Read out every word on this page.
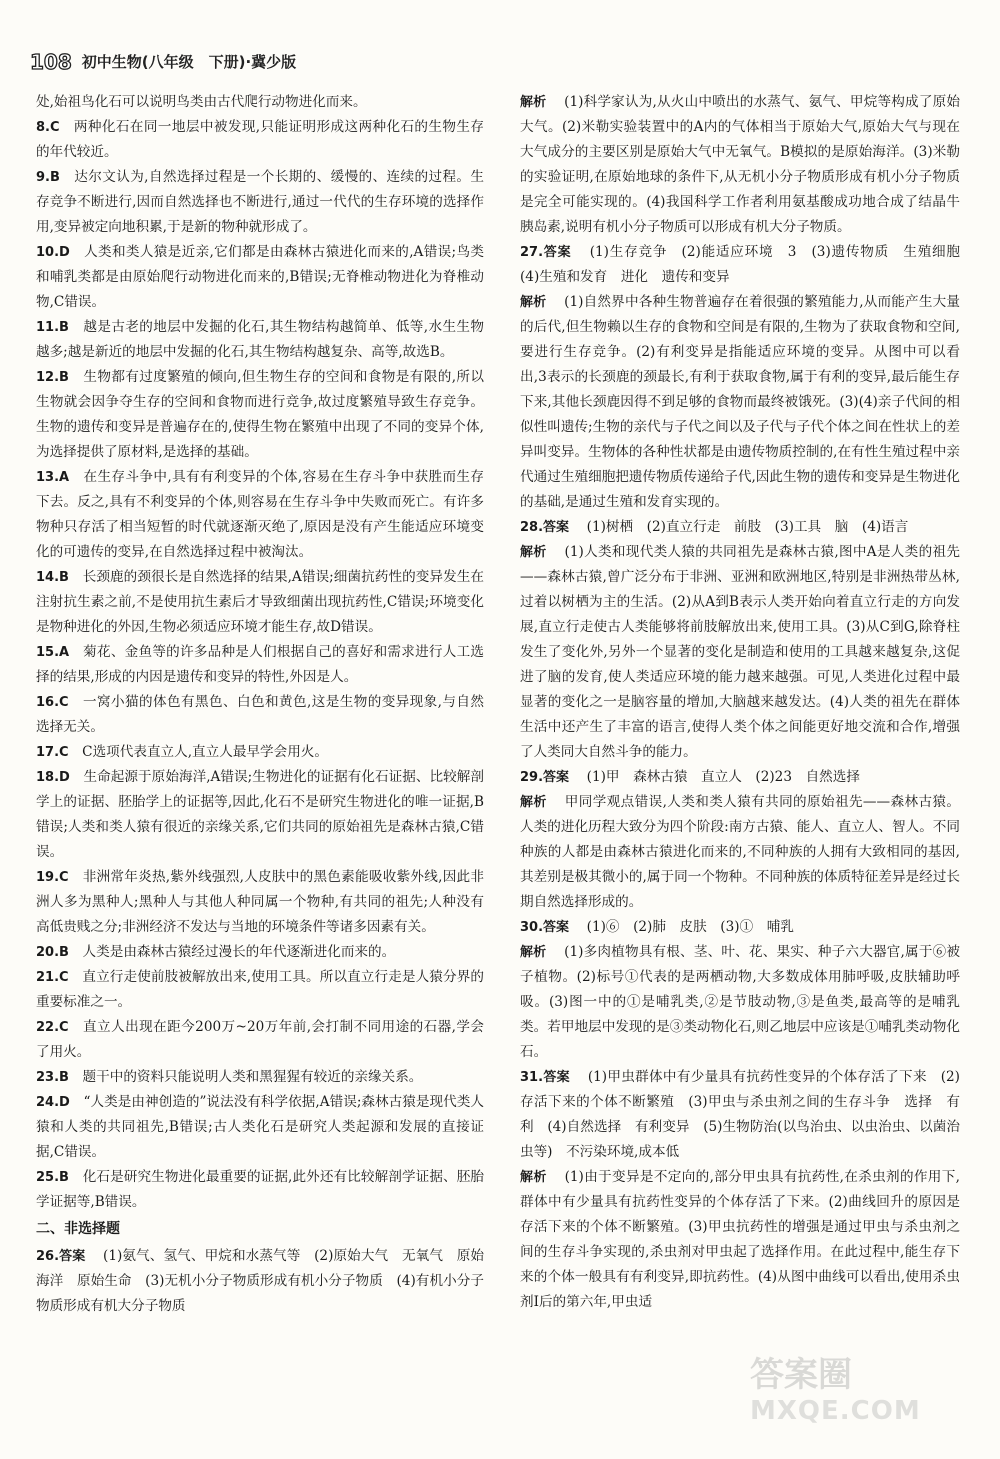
108 初中生物(八年级　下册)·冀少版
处,始祖鸟化石可以说明鸟类由古代爬行动物进化而来。
8.C　 两种化石在同一地层中被发现,只能证明形成这两种化石的生物生存的年代较近。
9.B　 达尔文认为,自然选择过程是一个长期的、缓慢的、连续的过程。生存竞争不断进行,因而自然选择也不断进行,通过一代代的生存环境的选择作用,变异被定向地积累,于是新的物种就形成了。
10.D　 人类和类人猿是近亲,它们都是由森林古猿进化而来的,A错误;鸟类和哺乳类都是由原始爬行动物进化而来的,B错误;无脊椎动物进化为脊椎动物,C错误。
11.B　 越是古老的地层中发掘的化石,其生物结构越简单、低等,水生生物越多;越是新近的地层中发掘的化石,其生物结构越复杂、高等,故选B。
12.B　 生物都有过度繁殖的倾向,但生物生存的空间和食物是有限的,所以生物就会因争夺生存的空间和食物而进行竞争,故过度繁殖导致生存竞争。生物的遗传和变异是普遍存在的,使得生物在繁殖中出现了不同的变异个体,为选择提供了原材料,是选择的基础。
13.A　 在生存斗争中,具有有利变异的个体,容易在生存斗争中获胜而生存下去。反之,具有不利变异的个体,则容易在生存斗争中失败而死亡。有许多物种只存活了相当短暂的时代就逐渐灭绝了,原因是没有产生能适应环境变化的可遗传的变异,在自然选择过程中被淘汰。
14.B　 长颈鹿的颈很长是自然选择的结果,A错误;细菌抗药性的变异发生在注射抗生素之前,不是使用抗生素后才导致细菌出现抗药性,C错误;环境变化是物种进化的外因,生物必须适应环境才能生存,故D错误。
15.A　 菊花、金鱼等的许多品种是人们根据自己的喜好和需求进行人工选择的结果,形成的内因是遗传和变异的特性,外因是人。
16.C　 一窝小猫的体色有黑色、白色和黄色,这是生物的变异现象,与自然选择无关。
17.C　 C选项代表直立人,直立人最早学会用火。
18.D　 生命起源于原始海洋,A错误;生物进化的证据有化石证据、比较解剖学上的证据、胚胎学上的证据等,因此,化石不是研究生物进化的唯一证据,B错误;人类和类人猿有很近的亲缘关系,它们共同的原始祖先是森林古猿,C错误。
19.C　 非洲常年炎热,紫外线强烈,人皮肤中的黑色素能吸收紫外线,因此非洲人多为黑种人;黑种人与其他人种同属一个物种,有共同的祖先;人种没有高低贵贱之分;非洲经济不发达与当地的环境条件等诸多因素有关。
20.B　 人类是由森林古猿经过漫长的年代逐渐进化而来的。
21.C　 直立行走使前肢被解放出来,使用工具。所以直立行走是人猿分界的重要标准之一。
22.C　 直立人出现在距今200万~20万年前,会打制不同用途的石器,学会了用火。
23.B　 题干中的资料只能说明人类和黑猩猩有较近的亲缘关系。
24.D　 “人类是由神创造的”说法没有科学依据,A错误;森林古猿是现代类人猿和人类的共同祖先,B错误;古人类化石是研究人类起源和发展的直接证据,C错误。
25.B　 化石是研究生物进化最重要的证据,此外还有比较解剖学证据、胚胎学证据等,B错误。
二、非选择题
26.答案　 (1)氨气、氢气、甲烷和水蒸气等　(2)原始大气　无氧气　原始海洋　原始生命　(3)无机小分子物质形成有机小分子物质　(4)有机小分子物质形成有机大分子物质
解析　 (1)科学家认为,从火山中喷出的水蒸气、氨气、甲烷等构成了原始大气。(2)米勒实验装置中的A内的气体相当于原始大气,原始大气与现在大气成分的主要区别是原始大气中无氧气。B模拟的是原始海洋。(3)米勒的实验证明,在原始地球的条件下,从无机小分子物质形成有机小分子物质是完全可能实现的。(4)我国科学工作者利用氨基酸成功地合成了结晶牛胰岛素,说明有机小分子物质可以形成有机大分子物质。
27.答案　 (1)生存竞争　(2)能适应环境　3　(3)遗传物质　生殖细胞　(4)生殖和发育　进化　遗传和变异
解析　 (1)自然界中各种生物普遍存在着很强的繁殖能力,从而能产生大量的后代,但生物赖以生存的食物和空间是有限的,生物为了获取食物和空间,要进行生存竞争。(2)有利变异是指能适应环境的变异。从图中可以看出,3表示的长颈鹿的颈最长,有利于获取食物,属于有利的变异,最后能生存下来,其他长颈鹿因得不到足够的食物而最终被饿死。(3)(4)亲子代间的相似性叫遗传;生物的亲代与子代之间以及子代与子代个体之间在性状上的差异叫变异。生物体的各种性状都是由遗传物质控制的,在有性生殖过程中亲代通过生殖细胞把遗传物质传递给子代,因此生物的遗传和变异是生物进化的基础,是通过生殖和发育实现的。
28.答案　 (1)树栖　(2)直立行走　前肢　(3)工具　脑　(4)语言
解析　 (1)人类和现代类人猿的共同祖先是森林古猿,图中A是人类的祖先——森林古猿,曾广泛分布于非洲、亚洲和欧洲地区,特别是非洲热带丛林,过着以树栖为主的生活。(2)从A到B表示人类开始向着直立行走的方向发展,直立行走使古人类能够将前肢解放出来,使用工具。(3)从C到G,除脊柱发生了变化外,另外一个显著的变化是制造和使用的工具越来越复杂,这促进了脑的发育,使人类适应环境的能力越来越强。可见,人类进化过程中最显著的变化之一是脑容量的增加,大脑越来越发达。(4)人类的祖先在群体生活中还产生了丰富的语言,使得人类个体之间能更好地交流和合作,增强了人类同大自然斗争的能力。
29.答案　 (1)甲　森林古猿　直立人　(2)23　自然选择
解析　 甲同学观点错误,人类和类人猿有共同的原始祖先——森林古猿。人类的进化历程大致分为四个阶段:南方古猿、能人、直立人、智人。不同种族的人都是由森林古猿进化而来的,不同种族的人拥有大致相同的基因,其差别是极其微小的,属于同一个物种。不同种族的体质特征差异是经过长期自然选择形成的。
30.答案　 (1)⑥　(2)肺　皮肤　(3)①　哺乳
解析　 (1)多肉植物具有根、茎、叶、花、果实、种子六大器官,属于⑥被子植物。(2)标号①代表的是两栖动物,大多数成体用肺呼吸,皮肤辅助呼吸。(3)图一中的①是哺乳类,②是节肢动物,③是鱼类,最高等的是哺乳类。若甲地层中发现的是③类动物化石,则乙地层中应该是①哺乳类动物化石。
31.答案　 (1)甲虫群体中有少量具有抗药性变异的个体存活了下来　(2)存活下来的个体不断繁殖　(3)甲虫与杀虫剂之间的生存斗争　选择　有利　(4)自然选择　有利变异　(5)生物防治(以鸟治虫、以虫治虫、以菌治虫等)　不污染环境,成本低
解析　 (1)由于变异是不定向的,部分甲虫具有抗药性,在杀虫剂的作用下,群体中有少量具有抗药性变异的个体存活了下来。(2)曲线回升的原因是存活下来的个体不断繁殖。(3)甲虫抗药性的增强是通过甲虫与杀虫剂之间的生存斗争实现的,杀虫剂对甲虫起了选择作用。在此过程中,能生存下来的个体一般具有有利变异,即抗药性。(4)从图中曲线可以看出,使用杀虫剂Ⅰ后的第六年,甲虫适
答案圈
MXQE.COM
